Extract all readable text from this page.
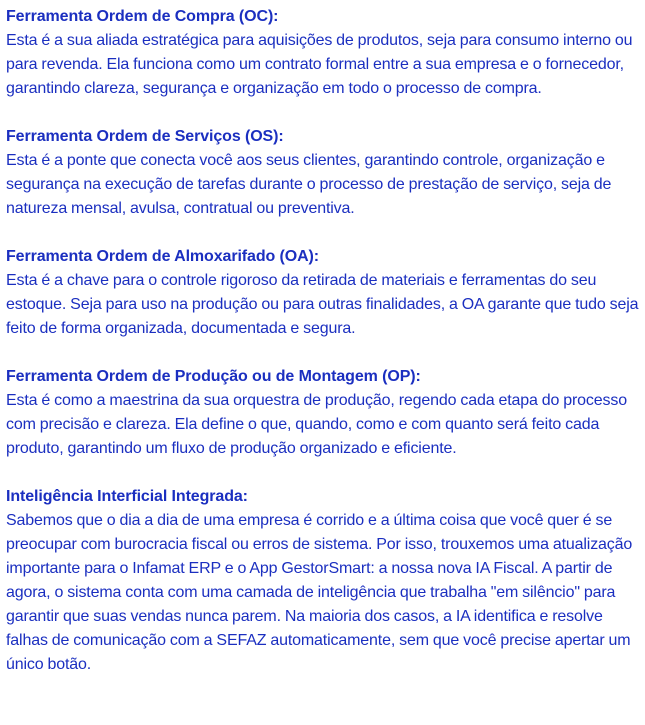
Ferramenta Ordem de Compra (OC):

Esta é a sua aliada estratégica para aquisições de produtos, seja para consumo interno ou para revenda. Ela funciona como um contrato formal entre a sua empresa e o fornecedor, garantindo clareza, segurança e organização em todo o processo de compra.

Ferramenta Ordem de Serviços (OS):

Esta é a ponte que conecta você aos seus clientes, garantindo controle, organização e segurança na execução de tarefas durante o processo de prestação de serviço, seja de natureza mensal, avulsa, contratual ou preventiva.

Ferramenta Ordem de Almoxarifado (OA):

Esta é a chave para o controle rigoroso da retirada de materiais e ferramentas do seu estoque. Seja para uso na produção ou para outras finalidades, a OA garante que tudo seja feito de forma organizada, documentada e segura.

Ferramenta Ordem de Produção ou de Montagem (OP):

Esta é como a maestrina da sua orquestra de produção, regendo cada etapa do processo com precisão e clareza. Ela define o que, quando, como e com quanto será feito cada produto, garantindo um fluxo de produção organizado e eficiente.

Inteligência Interficial Integrada:

Sabemos que o dia a dia de uma empresa é corrido e a última coisa que você quer é se preocupar com burocracia fiscal ou erros de sistema. Por isso, trouxemos uma atualização importante para o Infamat ERP e o App GestorSmart: a nossa nova IA Fiscal. A partir de agora, o sistema conta com uma camada de inteligência que trabalha "em silêncio" para garantir que suas vendas nunca parem. Na maioria dos casos, a IA identifica e resolve falhas de comunicação com a SEFAZ automaticamente, sem que você precise apertar um único botão.
